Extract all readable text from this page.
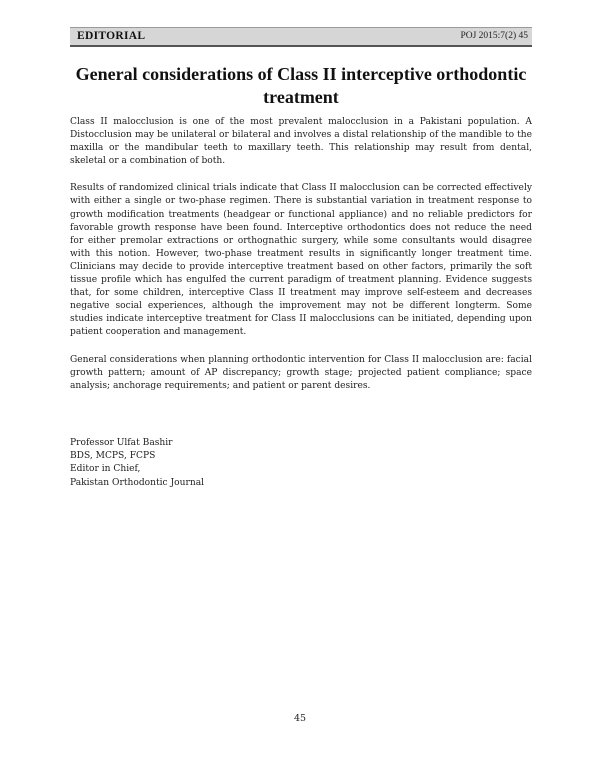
EDITORIAL	POJ 2015:7(2) 45
General considerations of Class II interceptive orthodontic treatment

Class II malocclusion is one of the most prevalent malocclusion in a Pakistani population. A Distocclusion may be unilateral or bilateral and involves a distal relationship of the mandible to the maxilla or the mandibular teeth to maxillary teeth. This relationship may result from dental, skeletal or a combination of both.

Results of randomized clinical trials indicate that Class II malocclusion can be corrected effectively with either a single or two-phase regimen. There is substantial variation in treatment response to growth modification treatments (headgear or functional appliance) and no reliable predictors for favorable growth response have been found. Interceptive orthodontics does not reduce the need for either premolar extractions or orthognathic surgery, while some consultants would disagree with this notion. However, two-phase treatment results in significantly longer treatment time. Clinicians may decide to provide interceptive treatment based on other factors, primarily the soft tissue profile which has engulfed the current paradigm of treatment planning. Evidence suggests that, for some children, interceptive Class II treatment may improve self-esteem and decreases negative social experiences, although the improvement may not be different longterm. Some studies indicate interceptive treatment for Class II malocclusions can be initiated, depending upon patient cooperation and management.

General considerations when planning orthodontic intervention for Class II malocclusion are: facial growth pattern; amount of AP discrepancy; growth stage; projected patient compliance; space analysis; anchorage requirements; and patient or parent desires.

Professor Ulfat Bashir
BDS, MCPS, FCPS
Editor in Chief,
Pakistan Orthodontic Journal
45
